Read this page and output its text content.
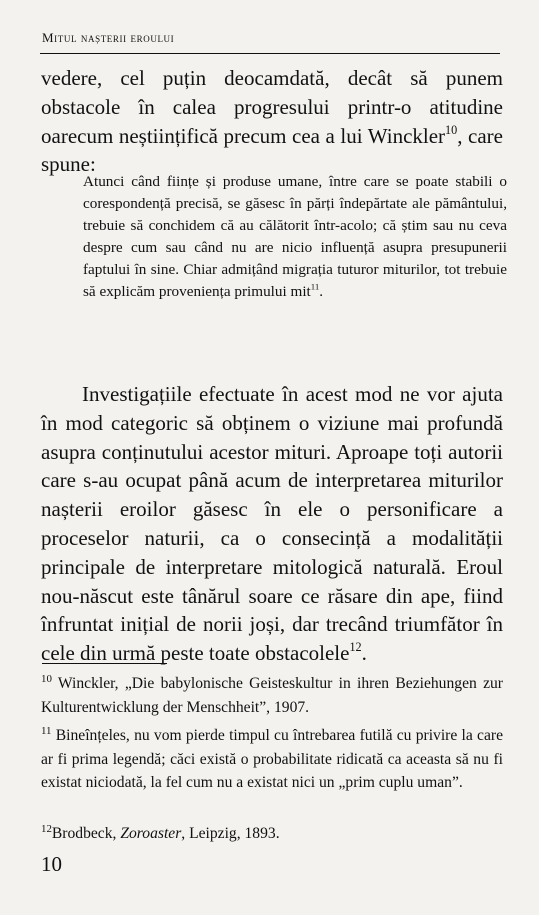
Mitul nașterii eroului

vedere, cel puțin deocamdată, decât să punem obstacole în calea progresului printr-o atitudine oarecum neștiințifică precum cea a lui Winckler$^{10}$, care spune:

Atunci când ființe și produse umane, între care se poate stabili o corespondență precisă, se găsesc în părți îndepărtate ale pământului, trebuie să conchidem că au călătorit într-acolo; că știm sau nu ceva despre cum sau când nu are nicio influență asupra presupunerii faptului în sine. Chiar admițând migrația tuturor miturilor, tot trebuie să explicăm proveniența primului mit$^{11}$.

Investigațiile efectuate în acest mod ne vor ajuta în mod categoric să obținem o viziune mai profundă asupra conținutului acestor mituri. Aproape toți autorii care s-au ocupat până acum de interpretarea miturilor nașterii eroilor găsesc în ele o personificare a proceselor naturii, ca o consecință a modalității principale de interpretare mitologică naturală. Eroul nou-născut este tânărul soare ce răsare din ape, fiind înfruntat inițial de norii joși, dar trecând triumfător în cele din urmă peste toate obstacolele$^{12}$.

$^{10}$ Winckler, „Die babylonische Geisteskultur in ihren Beziehungen zur Kulturentwicklung der Menschheit”, 1907.

$^{11}$ Bineînțeles, nu vom pierde timpul cu întrebarea futilă cu privire la care ar fi prima legendă; căci există o probabilitate ridicată ca aceasta să nu fi existat niciodată, la fel cum nu a existat nici un „prim cuplu uman”.

$^{12}$Brodbeck, Zoroaster, Leipzig, 1893.

10
